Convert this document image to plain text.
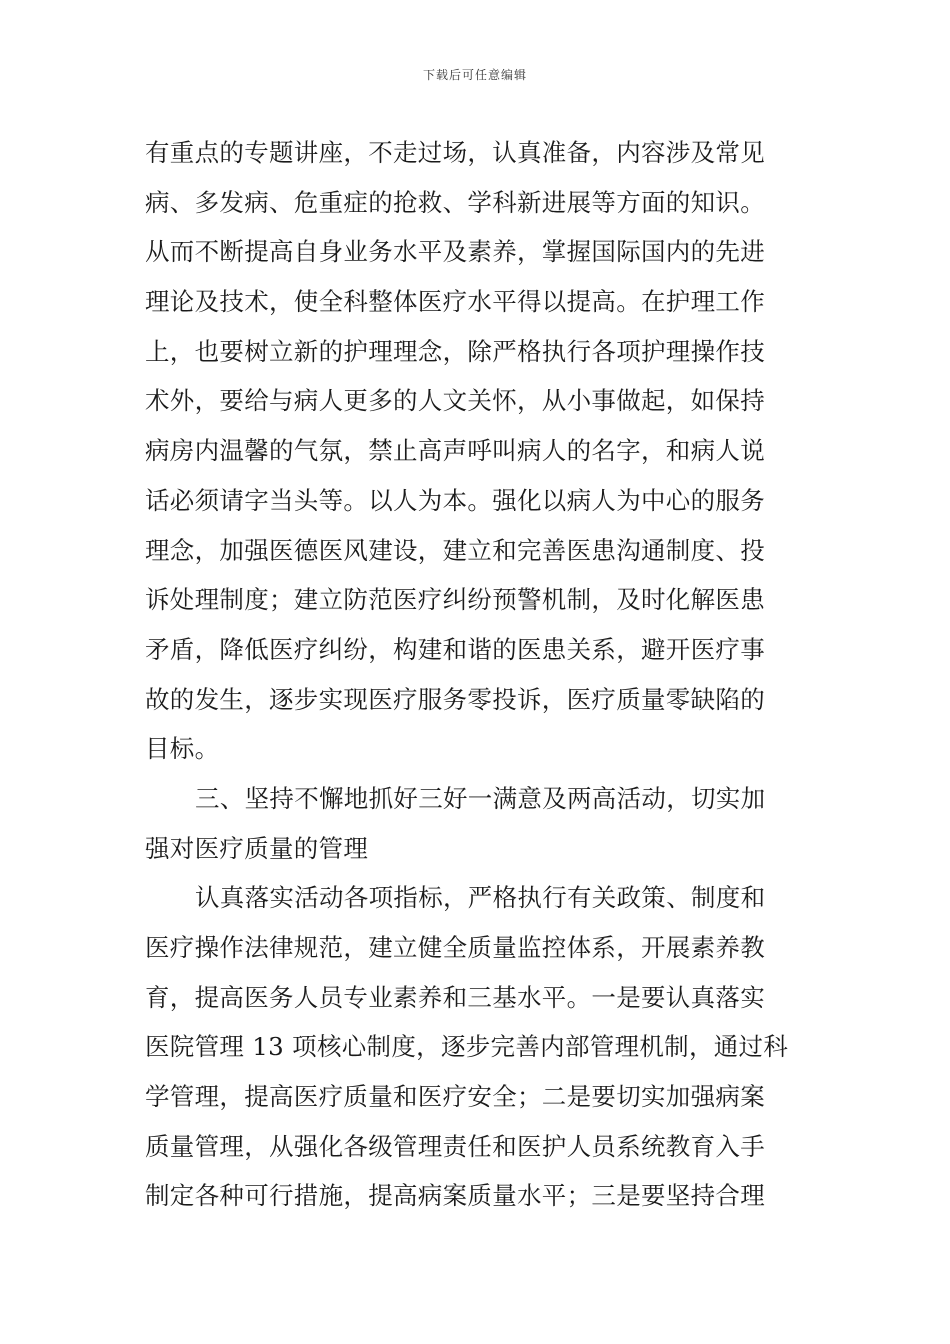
下载后可任意编辑
有重点的专题讲座，不走过场，认真准备，内容涉及常见
病、多发病、危重症的抢救、学科新进展等方面的知识。
从而不断提高自身业务水平及素养，掌握国际国内的先进
理论及技术，使全科整体医疗水平得以提高。在护理工作
上，也要树立新的护理理念，除严格执行各项护理操作技
术外，要给与病人更多的人文关怀，从小事做起，如保持
病房内温馨的气氛，禁止高声呼叫病人的名字，和病人说
话必须请字当头等。以人为本。强化以病人为中心的服务
理念，加强医德医风建设，建立和完善医患沟通制度、投
诉处理制度；建立防范医疗纠纷预警机制，及时化解医患
矛盾，降低医疗纠纷，构建和谐的医患关系，避开医疗事
故的发生，逐步实现医疗服务零投诉，医疗质量零缺陷的
目标。
三、坚持不懈地抓好三好一满意及两高活动，切实加
强对医疗质量的管理
认真落实活动各项指标，严格执行有关政策、制度和
医疗操作法律规范，建立健全质量监控体系，开展素养教
育，提高医务人员专业素养和三基水平。一是要认真落实
医院管理 13 项核心制度，逐步完善内部管理机制，通过科
学管理，提高医疗质量和医疗安全；二是要切实加强病案
质量管理，从强化各级管理责任和医护人员系统教育入手
制定各种可行措施，提高病案质量水平；三是要坚持合理
